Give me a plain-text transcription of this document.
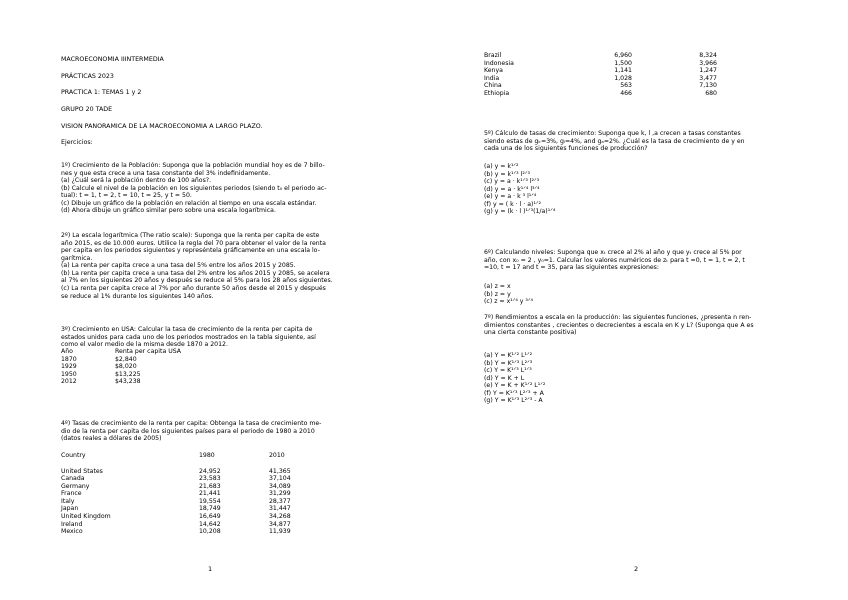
MACROECONOMIA IIINTERMEDIA
PRÁCTICAS 2023
PRACTICA 1: TEMAS 1 y 2
GRUPO 20 TADE
VISION PANORAMICA DE LA MACROECONOMIA A LARGO PLAZO.
Ejercicios:
1º) Crecimiento de la Población: Suponga que la población mundial hoy es de 7 billo-
nes y que esta crece a una tasa constante del 3% indefinidamente.
(a) ¿Cuál será la población dentro de 100 años?.
(b) Calcule el nivel de la población en los siguientes periodos (siendo t₀ el periodo ac-
tual): t = 1, t = 2, t = 10, t = 25, y t = 50.
(c) Dibuje un gráfico de la población en relación al tiempo en una escala estándar.
(d) Ahora dibuje un gráfico similar pero sobre una escala logarítmica.
2º) La escala logarítmica (The ratio scale): Suponga que la renta per capita de este
año 2015, es de 10.000 euros. Utilice la regla del 70 para obtener el valor de la renta
per capita en los periodos siguientes y represéntela gráficamente en una escala lo-
garítmica.
(a) La renta per capita crece a una tasa del 5% entre los años 2015 y 2085.
(b) La renta per capita crece a una tasa del 2% entre los años 2015 y 2085, se acelera
al 7% en los siguientes 20 años y después se reduce al 5% para los 28 años siguientes.
(c) La renta per capita crece al 7% por año durante 50 años desde el 2015 y después
se reduce al 1% durante los siguientes 140 años.
3º) Crecimiento en USA: Calcular la tasa de crecimiento de la renta per capita de
estados unidos para cada uno de los periodos mostrados en la tabla siguiente, así
como el valor medio de la misma desde 1870 a 2012.
Año	Renta per capita USA
1870	$2,840
1929	$8,020
1950	$13,225
2012	$43,238
4º) Tasas de crecimiento de la renta per capita: Obtenga la tasa de crecimiento me-
dio de la renta per capita de los siguientes países para el periodo de 1980 a 2010
(datos reales a dólares de 2005)
Country	1980	2010

United States	24,952	41,365
Canada	23,583	37,104
Germany	21,683	34,089
France	21,441	31,299
Italy	19,554	28,377
Japan	18,749	31,447
United Kingdom	16,649	34,268
Ireland	14,642	34,877
Mexico	10,208	11,939
1
Brazil	6,960	8,324
Indonesia	1,500	3,966
Kenya	1,141	1,247
India	1,028	3,477
China	563	7,130
Ethiopia	466	680
5º) Cálculo de tasas de crecimiento: Suponga que k, l ,a crecen a tasas constantes
siendo estas de gₖ=3%, gₗ=4%, and gₐ=2%. ¿Cuál es la tasa de crecimiento de y en
cada una de los siguientes funciones de producción?
(a) y = k¹ᐟ²
(b) y = k¹ᐟ³ l²ᐟ³
(c) y = a · k¹ᐟ³ l²ᐟ³
(d) y = a · k¹ᐟ⁴ l³ᐟ⁴
(e) y = a · k ³ l¹ᐟ⁴
(f) y = ( k · l · a)¹ᐟ²
(g) y = (k · l )¹ᐟ³(1/a)¹ᐟ⁴
6º) Calculando niveles: Suponga que xₜ crece al 2% al año y que yₜ crece al 5% por
año, con x₀ = 2 , y₀=1. Calcular los valores numéricos de zₜ para t =0, t = 1, t = 2, t
=10, t = 17 and t = 35, para las siguientes expresiones:
(a) z = x
(b) z = y
(c) z = x¹ᐟ⁴ y ³ᐟ⁴
7º) Rendimientos a escala en la producción: las siguientes funciones, ¿presenta n ren-
dimientos constantes , crecientes o decrecientes a escala en K y L? (Suponga que A es
una cierta constante positiva)
(a) Y = K¹ᐟ² L¹ᐟ²
(b) Y = K¹ᐟ³ L²ᐟ³
(c) Y = K¹ᐟ³ L¹ᐟ³
(d) Y = K + L
(e) Y = K + K¹ᐟ² L¹ᐟ²
(f) Y = K¹ᐟ³ L²ᐟ³ + A
(g) Y = K¹ᐟ³ L²ᐟ³ - A
2
